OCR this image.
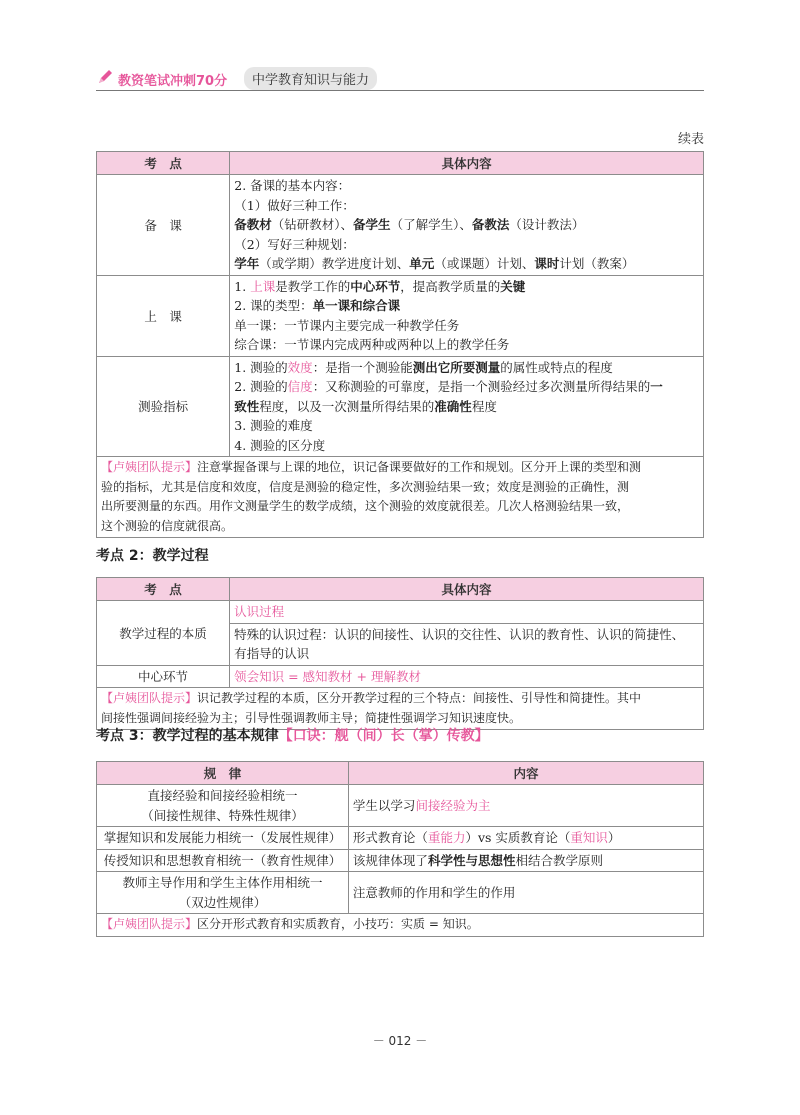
教资笔试冲刺70分	中学教育知识与能力
续表
考　点	具体内容
备　课	2. 备课的基本内容：
（1）做好三种工作：
备教材（钻研教材）、备学生（了解学生）、备教法（设计教法）
（2）写好三种规划：
学年（或学期）教学进度计划、单元（或课题）计划、课时计划（教案）

上　课	1. 上课是教学工作的中心环节，提高教学质量的关键
2. 课的类型：单一课和综合课
单一课：一节课内主要完成一种教学任务
综合课：一节课内完成两种或两种以上的教学任务

测验指标	1. 测验的效度：是指一个测验能测出它所要测量的属性或特点的程度
2. 测验的信度：又称测验的可靠度，是指一个测验经过多次测量所得结果的一
致性程度，以及一次测量所得结果的准确性程度
3. 测验的难度
4. 测验的区分度

【卢姨团队提示】注意掌握备课与上课的地位，识记备课要做好的工作和规划。区分开上课的类型和测
验的指标，尤其是信度和效度，信度是测验的稳定性，多次测验结果一致；效度是测验的正确性，测
出所要测量的东西。用作文测量学生的数学成绩，这个测验的效度就很差。几次人格测验结果一致，
这个测验的信度就很高。	
考点 2：教学过程
考　点	具体内容
教学过程的本质	认识过程

	特殊的认识过程：认识的间接性、认识的交往性、认识的教育性、认识的简捷性、
有指导的认识

中心环节	领会知识 = 感知教材 + 理解教材

【卢姨团队提示】识记教学过程的本质，区分开教学过程的三个特点：间接性、引导性和简捷性。其中
间接性强调间接经验为主；引导性强调教师主导；简捷性强调学习知识速度快。	
考点 3：教学过程的基本规律【口诀：舰（间）长（掌）传教】
规　律	内容

直接经验和间接经验相统一
（间接性规律、特殊性规律）	学生以学习间接经验为主

掌握知识和发展能力相统一（发展性规律）	形式教育论（重能力）vs 实质教育论（重知识）

传授知识和思想教育相统一（教育性规律）	该规律体现了科学性与思想性相结合教学原则

教师主导作用和学生主体作用相统一
（双边性规律）	注意教师的作用和学生的作用

【卢姨团队提示】区分开形式教育和实质教育，小技巧：实质 = 知识。	
－ 012 －
